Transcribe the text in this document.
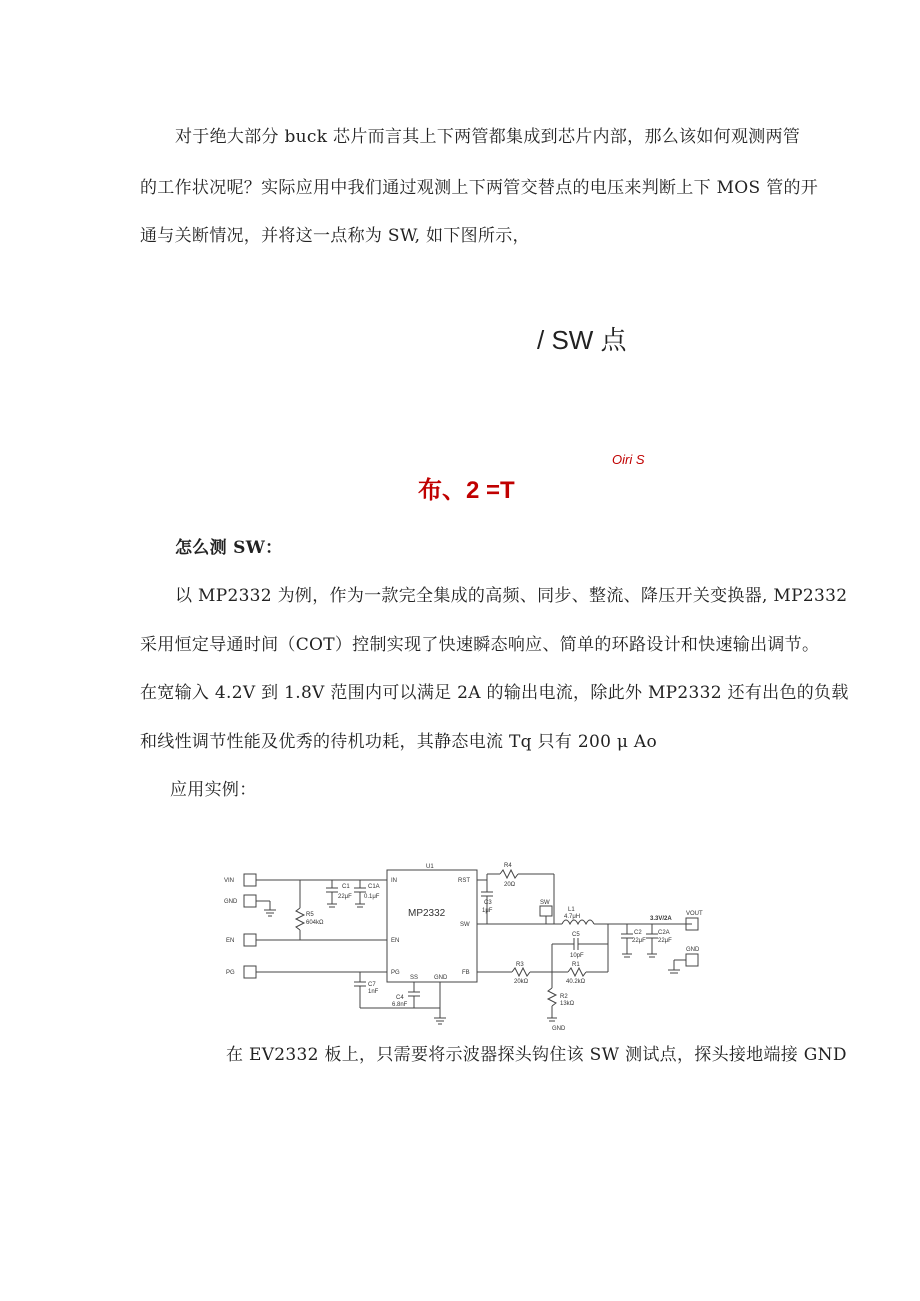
对于绝大部分 buck 芯片而言其上下两管都集成到芯片内部，那么该如何观测两管
的工作状况呢？实际应用中我们通过观测上下两管交替点的电压来判断上下 MOS 管的开
通与关断情况，并将这一点称为 SW, 如下图所示，
/ SW 点
Oiri S
布、2 =T
怎么测 SW：
以 MP2332 为例，作为一款完全集成的高频、同步、整流、降压开关变换器, MP2332
采用恒定导通时间（COT）控制实现了快速瞬态响应、简单的环路设计和快速输出调节。
在宽输入 4.2V 到 1.8V 范围内可以满足 2A 的输出电流，除此外 MP2332 还有出色的负载
和线性调节性能及优秀的待机功耗，其静态电流 Tq 只有 200 μ Ao
应用实例：
VIN
GND
EN
PG
SW
VOUT
GND
U1
IN
EN
PG
RST
SW
FB
SS	GND
C1
22μF
C1A
0.1μF
R5
604kΩ
C7
1nF
C4
6.8nF
R4
20Ω
C3
1μF	L1
4.7μH
C5
10pF
R1
40.2kΩ
R3
20kΩ
R2
13kΩ
GND
C2
22μF
C2A
22μF
3.3V/2A
MP2332
在 EV2332 板上，只需要将示波器探头钩住该 SW 测试点，探头接地端接 GND
